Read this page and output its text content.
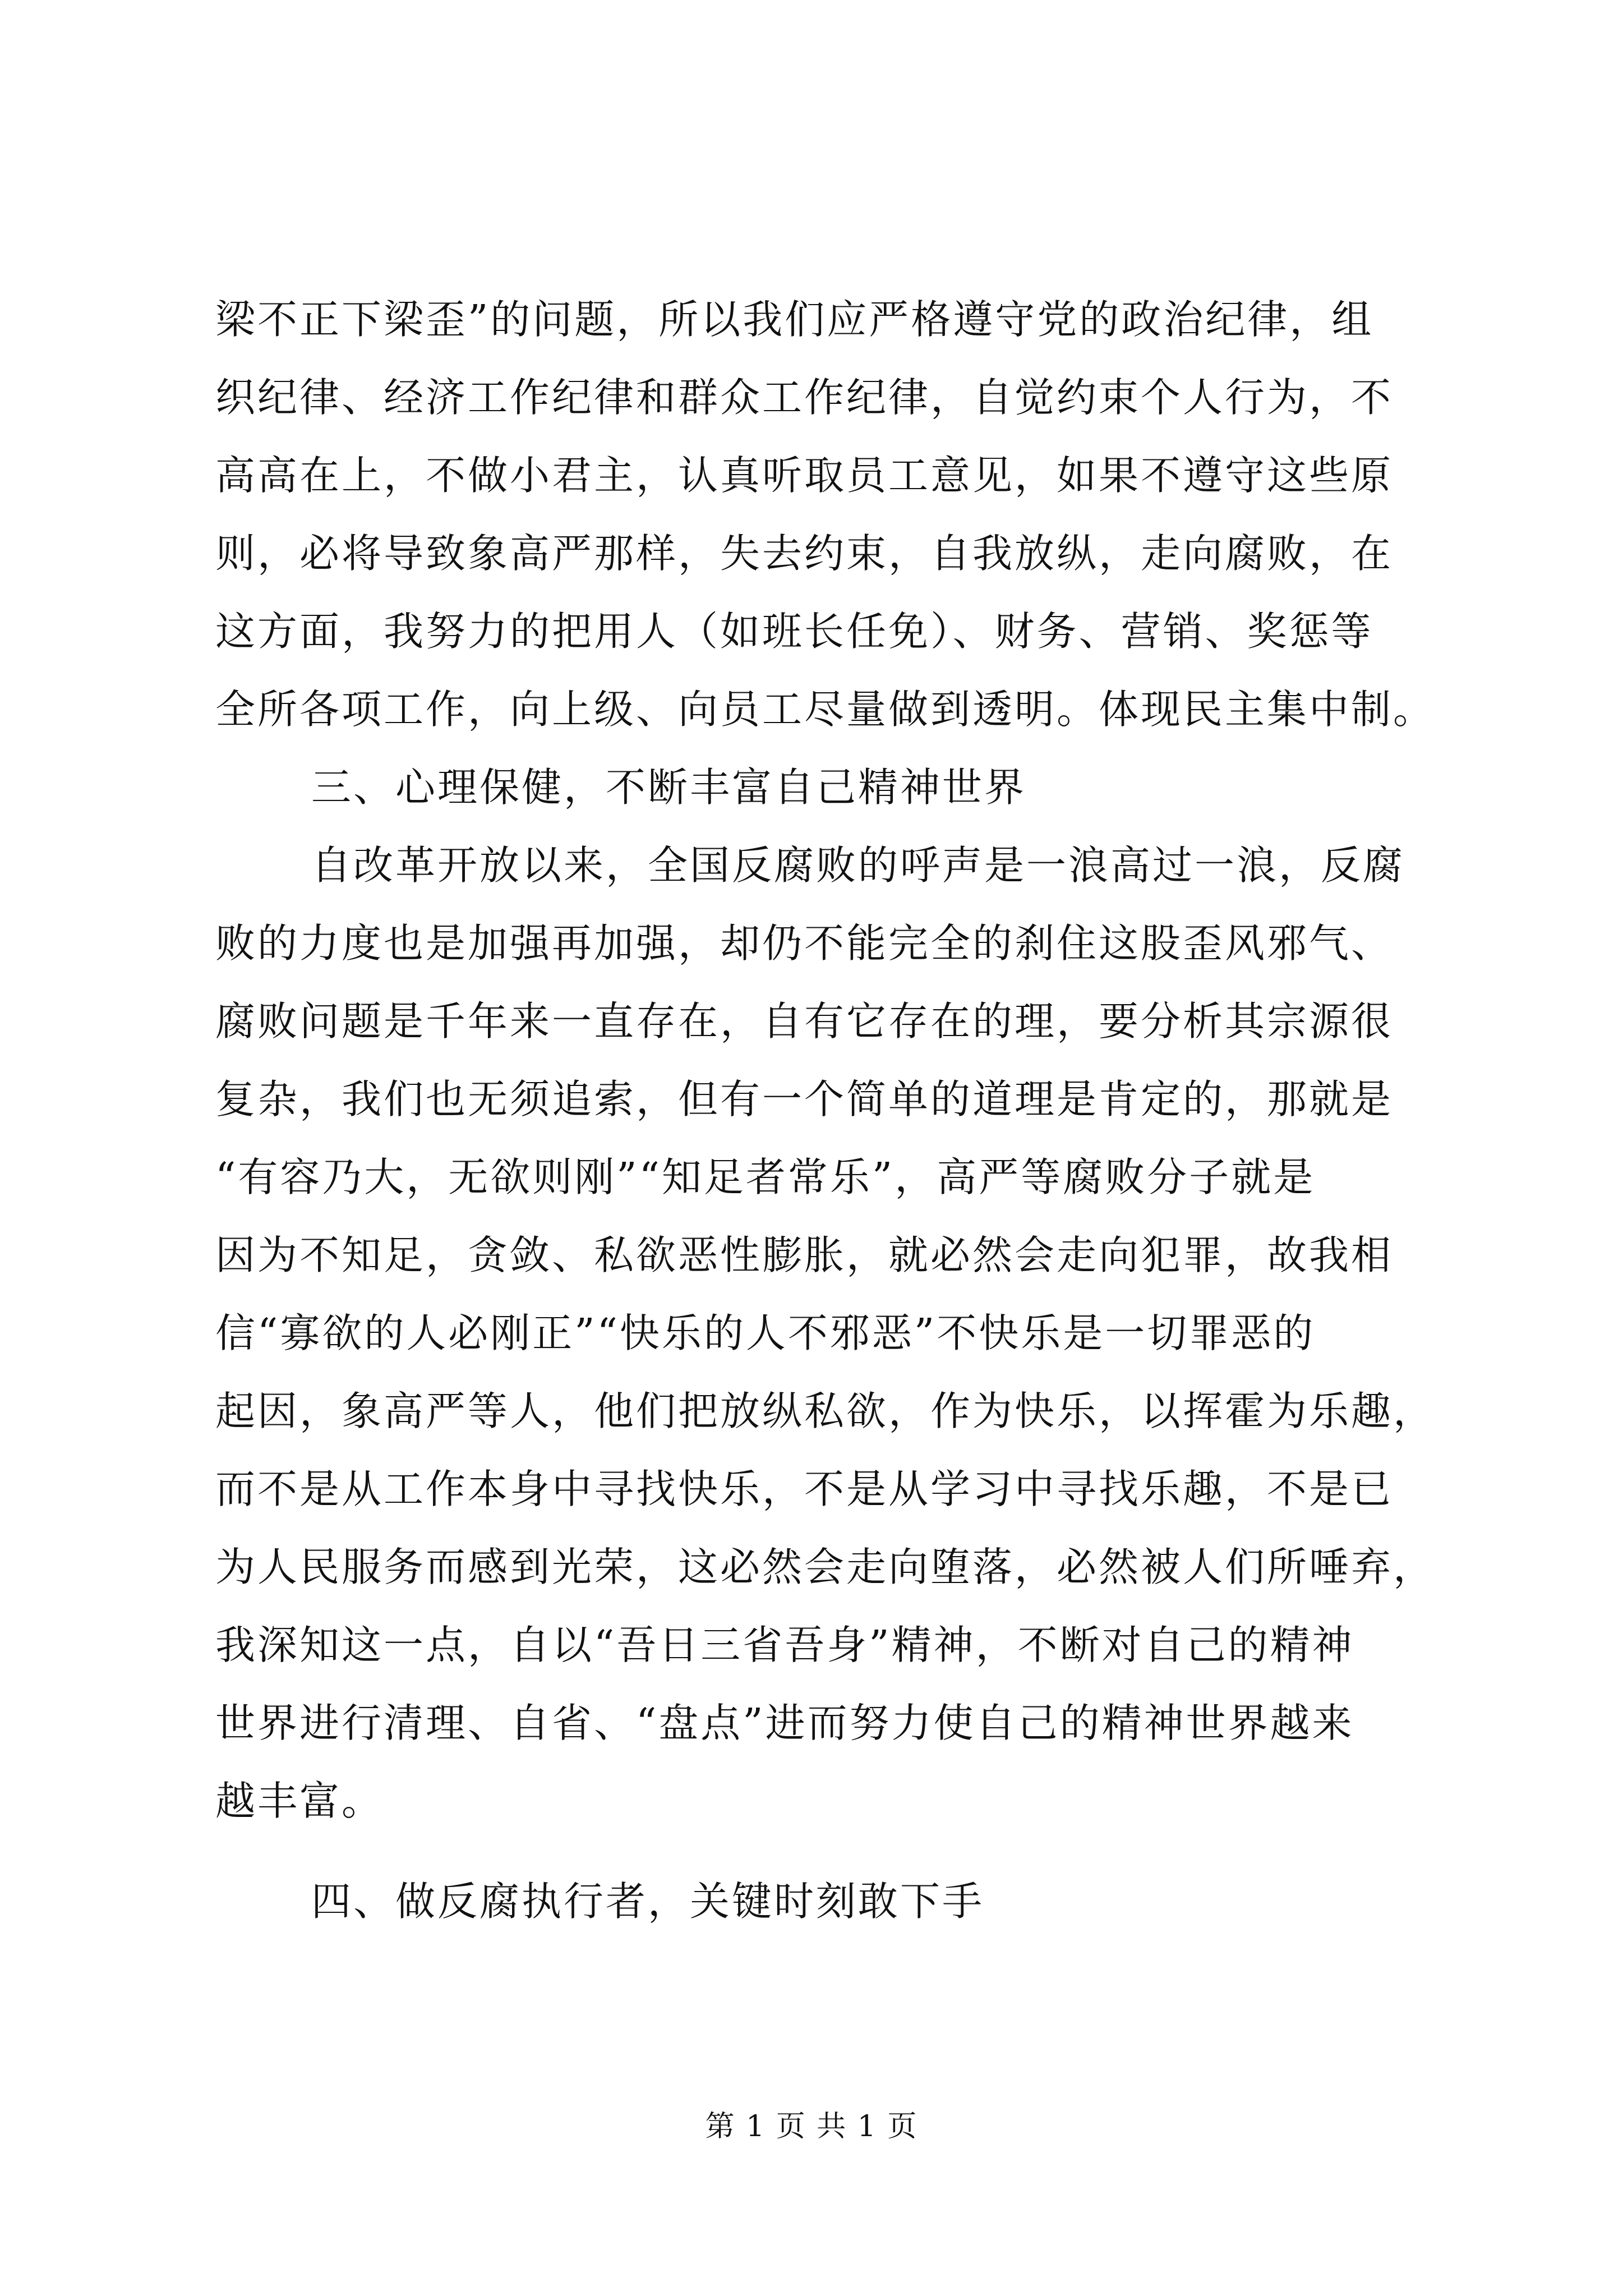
梁不正下梁歪”的问题，所以我们应严格遵守党的政治纪律，组
织纪律、经济工作纪律和群众工作纪律，自觉约束个人行为，不
高高在上，不做小君主，认真听取员工意见，如果不遵守这些原
则，必将导致象高严那样，失去约束，自我放纵，走向腐败，在
这方面，我努力的把用人（如班长任免）、财务、营销、奖惩等
全所各项工作，向上级、向员工尽量做到透明。体现民主集中制。
三、心理保健，不断丰富自己精神世界
自改革开放以来，全国反腐败的呼声是一浪高过一浪，反腐
败的力度也是加强再加强，却仍不能完全的刹住这股歪风邪气、
腐败问题是千年来一直存在，自有它存在的理，要分析其宗源很
复杂，我们也无须追索，但有一个简单的道理是肯定的，那就是
“有容乃大，无欲则刚”“知足者常乐”，高严等腐败分子就是
因为不知足，贪敛、私欲恶性膨胀，就必然会走向犯罪，故我相
信“寡欲的人必刚正”“快乐的人不邪恶”不快乐是一切罪恶的
起因，象高严等人，他们把放纵私欲，作为快乐，以挥霍为乐趣，
而不是从工作本身中寻找快乐，不是从学习中寻找乐趣，不是已
为人民服务而感到光荣，这必然会走向堕落，必然被人们所唾弃，
我深知这一点，自以“吾日三省吾身”精神，不断对自己的精神
世界进行清理、自省、“盘点”进而努力使自己的精神世界越来
越丰富。
四、做反腐执行者，关键时刻敢下手
第 1 页 共 1 页
